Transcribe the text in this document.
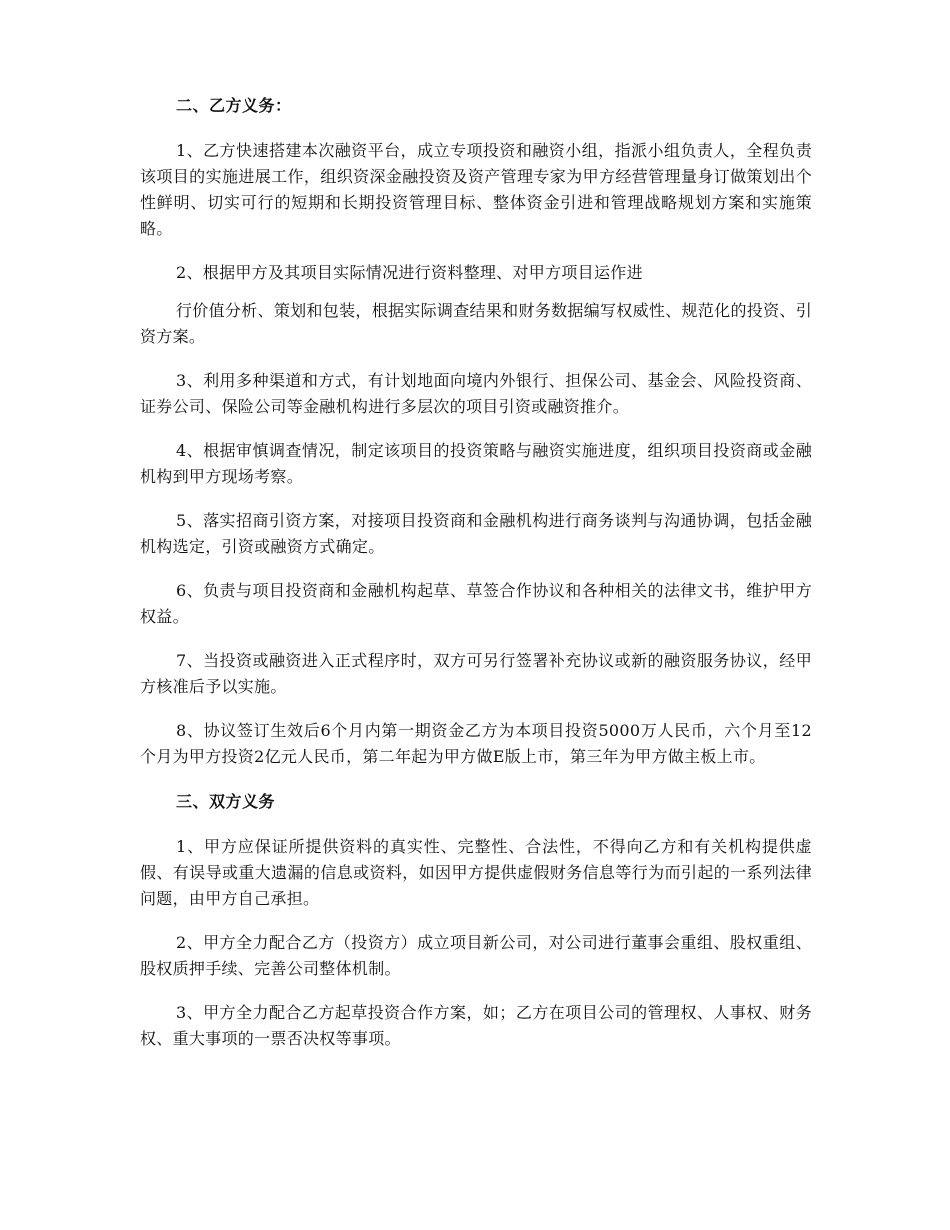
二、乙方义务：

1、乙方快速搭建本次融资平台，成立专项投资和融资小组，指派小组负责人，全程负责该项目的实施进展工作，组织资深金融投资及资产管理专家为甲方经营管理量身订做策划出个性鲜明、切实可行的短期和长期投资管理目标、整体资金引进和管理战略规划方案和实施策略。

2、根据甲方及其项目实际情况进行资料整理、对甲方项目运作进

行价值分析、策划和包装，根据实际调查结果和财务数据编写权威性、规范化的投资、引资方案。

3、利用多种渠道和方式，有计划地面向境内外银行、担保公司、基金会、风险投资商、证券公司、保险公司等金融机构进行多层次的项目引资或融资推介。

4、根据审慎调查情况，制定该项目的投资策略与融资实施进度，组织项目投资商或金融机构到甲方现场考察。

5、落实招商引资方案，对接项目投资商和金融机构进行商务谈判与沟通协调，包括金融机构选定，引资或融资方式确定。

6、负责与项目投资商和金融机构起草、草签合作协议和各种相关的法律文书，维护甲方权益。

7、当投资或融资进入正式程序时，双方可另行签署补充协议或新的融资服务协议，经甲方核准后予以实施。

8、协议签订生效后6个月内第一期资金乙方为本项目投资5000万人民币，六个月至12个月为甲方投资2亿元人民币，第二年起为甲方做E版上市，第三年为甲方做主板上市。

三、双方义务

1、甲方应保证所提供资料的真实性、完整性、合法性，不得向乙方和有关机构提供虚假、有误导或重大遗漏的信息或资料，如因甲方提供虚假财务信息等行为而引起的一系列法律问题，由甲方自己承担。

2、甲方全力配合乙方（投资方）成立项目新公司，对公司进行董事会重组、股权重组、股权质押手续、完善公司整体机制。

3、甲方全力配合乙方起草投资合作方案，如；乙方在项目公司的管理权、人事权、财务权、重大事项的一票否决权等事项。
